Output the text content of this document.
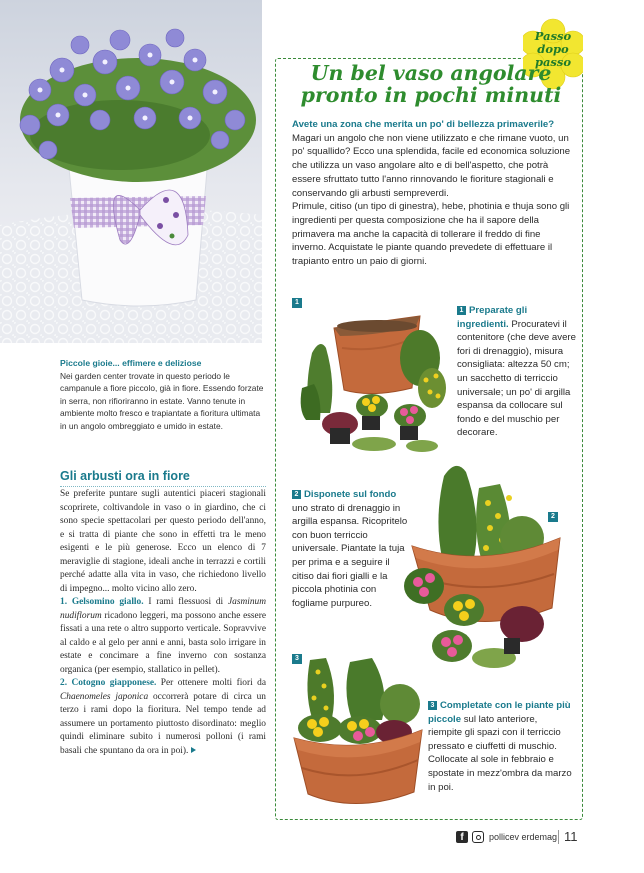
Piccole gioie... effimere e deliziose

Nei garden center trovate in questo periodo le campanule a fiore piccolo, già in fiore. Essendo forzate in serra, non rifioriranno in estate. Vanno tenute in ambiente molto fresco e trapiantate a fioritura ultimata in un angolo ombreggiato e umido in estate.

Gli arbusti ora in fiore

Se preferite puntare sugli autentici piaceri stagionali scoprirete, coltivandole in vaso o in giardino, che ci sono specie spettacolari per questo periodo dell'anno, e si tratta di piante che sono in effetti tra le meno esigenti e le più generose. Ecco un elenco di 7 meraviglie di stagione, ideali anche in terrazzi e cortili perché adatte alla vita in vaso, che richiedono livello di impegno... molto vicino allo zero.

1. Gelsomino giallo. I rami flessuosi di Jasminum nudiflorum ricadono leggeri, ma possono anche essere fissati a una rete o altro supporto verticale. Sopravvive al caldo e al gelo per anni e anni, basta solo irrigare in estate e concimare a fine inverno con sostanza organica (per esempio, stallatico in pellet).

2. Cotogno giapponese. Per ottenere molti fiori da Chaenomeles japonica occorrerà potare di circa un terzo i rami dopo la fioritura. Nel tempo tende ad assumere un portamento piuttosto disordinato: meglio quindi eliminare subito i numerosi polloni (i rami basali che spuntano da ora in poi).

Passo
dopo
passo
Un bel vaso angolare
pronto in pochi minuti

Avete una zona che merita un po' di bellezza primaverile? Magari un angolo che non viene utilizzato e che rimane vuoto, un po' squallido? Ecco una splendida, facile ed economica soluzione che utilizza un vaso angolare alto e di bell'aspetto, che potrà essere sfruttato tutto l'anno rinnovando le fioriture stagionali e conservando gli arbusti sempreverdi.

Primule, citiso (un tipo di ginestra), hebe, photinia e thuja sono gli ingredienti per questa composizione che ha il sapore della primavera ma anche la capacità di tollerare il freddo di fine inverno. Acquistate le piante quando prevedete di effettuare il trapianto entro un paio di giorni.

1
1 Preparate gli ingredienti. Procuratevi il contenitore (che deve avere fori di drenaggio), misura consigliata: altezza 50 cm; un sacchetto di terriccio universale; un po' di argilla espansa da collocare sul fondo e del muschio per decorare.
2
2 Disponete sul fondo uno strato di drenaggio in argilla espansa. Ricopritelo con buon terriccio universale. Piantate la tuja per prima e a seguire il citiso dai fiori gialli e la piccola photinia con fogliame purpureo.
3
3 Completate con le piante più piccole sul lato anteriore, riempite gli spazi con il terriccio pressato e ciuffetti di muschio. Collocate al sole in febbraio e spostate in mezz'ombra da marzo in poi.
f	pollicev erdemag 11
